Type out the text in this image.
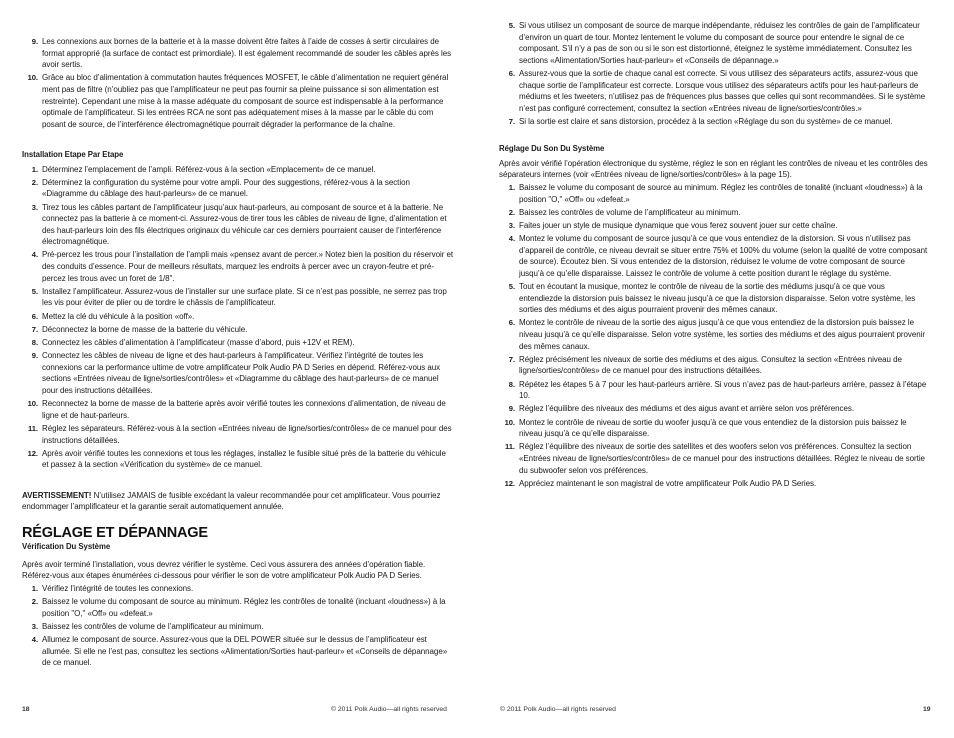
9. Les connexions aux bornes de la batterie et à la masse doivent être faites à l’aide de cosses à sertir circulaires de format approprié (la surface de contact est primordiale). Il est également recommandé de souder les câbles après les avoir sertis.
10. Grâce au bloc d’alimentation à commutation hautes fréquences MOSFET, le câble d’alimentation ne requiert général ment pas de filtre (n’oubliez pas que l’amplificateur ne peut pas fournir sa pleine puissance si son alimentation est restreinte). Cependant une mise à la masse adéquate du composant de source est indispensable à la performance optimale de l’amplificateur. Si les entrées RCA ne sont pas adéquatement mises à la masse par le câble du com posant de source, de l’interférence électromagnétique pourrait dégrader la performance de la chaîne.
Installation Etape Par Etape
1. Déterminez l’emplacement de l’ampli. Référez-vous à la section «Emplacement» de ce manuel.
2. Déterminez la configuration du système pour votre ampli. Pour des suggestions, référez-vous à la section «Diagramme du câblage des haut-parleurs» de ce manuel.
3. Tirez tous les câbles partant de l’amplificateur jusqu’aux haut-parleurs, au composant de source et à la batterie. Ne connectez pas la batterie à ce moment-ci. Assurez-vous de tirer tous les câbles de niveau de ligne, d’alimentation et des haut-parleurs loin des fils électriques originaux du véhicule car ces derniers pourraient causer de l’interférence électromagnétique.
4. Pré-percez les trous pour l’installation de l’ampli mais «pensez avant de percer.» Notez bien la position du réservoir et des conduits d’essence. Pour de meilleurs résultats, marquez les endroits à percer avec un crayon-feutre et pré-percez les trous avec un foret de 1/8".
5. Installez l’amplificateur. Assurez-vous de l’installer sur une surface plate. Si ce n’est pas possible, ne serrez pas trop les vis pour éviter de plier ou de tordre le châssis de l’amplificateur.
6. Mettez la clé du véhicule à la position «off».
7. Déconnectez la borne de masse de la batterie du véhicule.
8. Connectez les câbles d’alimentation à l’amplificateur (masse d’abord, puis +12V et REM).
9. Connectez les câbles de niveau de ligne et des haut-parleurs à l’amplificateur. Vérifiez l’intégrité de toutes les connexions car la performance ultime de votre amplificateur Polk Audio PA D Series en dépend. Référez-vous aux sections «Entrées niveau de ligne/sorties/contrôles» et «Diagramme du câblage des haut-parleurs» de ce manuel pour des instructions détaillées.
10. Reconnectez la borne de masse de la batterie après avoir vérifié toutes les connexions d’alimentation, de niveau de ligne et de haut-parleurs.
11. Réglez les séparateurs. Référez-vous à la section «Entrées niveau de ligne/sorties/contrôles» de ce manuel pour des instructions détaillées.
12. Après avoir vérifié toutes les connexions et tous les réglages, installez le fusible situé près de la batterie du véhicule et passez à la section «Vérification du système» de ce manuel.

AVERTISSEMENT! N’utilisez JAMAIS de fusible excédant la valeur recommandée pour cet amplificateur. Vous pourriez endommager l’amplificateur et la garantie serait automatiquement annulée.

RÉGLAGE ET DÉPANNAGE
Vérification Du Système

Après avoir terminé l’installation, vous devrez vérifier le système. Ceci vous assurera des années d’opération fiable. Référez-vous aux étapes énumérées ci-dessous pour vérifier le son de votre amplificateur Polk Audio PA D Series.

1. Vérifiez l’intégrité de toutes les connexions.
2. Baissez le volume du composant de source au minimum. Réglez les contrôles de tonalité (incluant «loudness») à la position "O," «Off» ou «defeat.»
3. Baissez les contrôles de volume de l’amplificateur au minimum.
4. Allumez le composant de source. Assurez-vous que la DEL POWER située sur le dessus de l’amplificateur est allumée. Si elle ne l’est pas, consultez les sections «Alimentation/Sorties haut-parleur» et «Conseils de dépannage» de ce manuel.
18	© 2011 Polk Audio—all rights reserved
5. Si vous utilisez un composant de source de marque indépendante, réduisez les contrôles de gain de l’amplificateur d’environ un quart de tour. Montez lentement le volume du composant de source pour entendre le signal de ce composant. S’il n’y a pas de son ou si le son est distortionné, éteignez le système immédiatement. Consultez les sections «Alimentation/Sorties haut-parleur» et «Conseils de dépannage.»
6. Assurez-vous que la sortie de chaque canal est correcte. Si vous utilisez des séparateurs actifs, assurez-vous que chaque sortie de l’amplificateur est correcte. Lorsque vous utilisez des séparateurs actifs pour les haut-parleurs de médiums et les tweeters, n’utilisez pas de fréquences plus basses que celles qui sont recommandées. Si le système n’est pas configuré correctement, consultez la section «Entrées niveau de ligne/sorties/contrôles.»
7. Si la sortie est claire et sans distorsion, procédez à la section «Réglage du son du système» de ce manuel.
Réglage Du Son Du Système

Après avoir vérifié l’opération électronique du système, réglez le son en réglant les contrôles de niveau et les contrôles des séparateurs internes (voir «Entrées niveau de ligne/sorties/contrôles» à la page 15).

1. Baissez le volume du composant de source au minimum. Réglez les contrôles de tonalité (incluant «loudness») à la position "O," «Off» ou «defeat.»
2. Baissez les contrôles de volume de l’amplificateur au minimum.
3. Faites jouer un style de musique dynamique que vous ferez souvent jouer sur cette chaîne.
4. Montez le volume du composant de source jusqu’à ce que vous entendiez de la distorsion. Si vous n’utilisez pas d’appareil de contrôle, ce niveau devrait se situer entre 75% et 100% du volume (selon la qualité de votre composant de source). Écoutez bien. Si vous entendez de la distorsion, réduisez le volume de votre composant de source jusqu’à ce qu’elle disparaisse. Laissez le contrôle de volume à cette position durant le réglage du système.
5. Tout en écoutant la musique, montez le contrôle de niveau de la sortie des médiums jusqu’à ce que vous entendiezde la distorsion puis baissez le niveau jusqu’à ce que la distorsion disparaisse. Selon votre système, les sorties des médiums et des aigus pourraient provenir des mêmes canaux.
6. Montez le contrôle de niveau de la sortie des aigus jusqu’à ce que vous entendiez de la distorsion puis baissez le niveau jusqu’à ce qu’elle disparaisse. Selon votre système, les sorties des médiums et des aigus pourraient provenir des mêmes canaux.
7. Réglez précisément les niveaux de sortie des médiums et des aigus. Consultez la section «Entrées niveau de ligne/sorties/contrôles» de ce manuel pour des instructions détaillées.
8. Répétez les étapes 5 à 7 pour les haut-parleurs arrière. Si vous n’avez pas de haut-parleurs arrière, passez à l’étape 10.
9. Réglez l’équilibre des niveaux des médiums et des aigus avant et arrière selon vos préférences.
10. Montez le contrôle de niveau de sortie du woofer jusqu’à ce que vous entendiez de la distorsion puis baissez le niveau jusqu’à ce qu’elle disparaisse.
11. Réglez l’équilibre des niveaux de sortie des satellites et des woofers selon vos préférences. Consultez la section «Entrées niveau de ligne/sorties/contrôles» de ce manuel pour des instructions détaillées. Réglez le niveau de sortie du subwoofer selon vos préférences.
12. Appréciez maintenant le son magistral de votre amplificateur Polk Audio PA D Series.
© 2011 Polk Audio—all rights reserved	19
